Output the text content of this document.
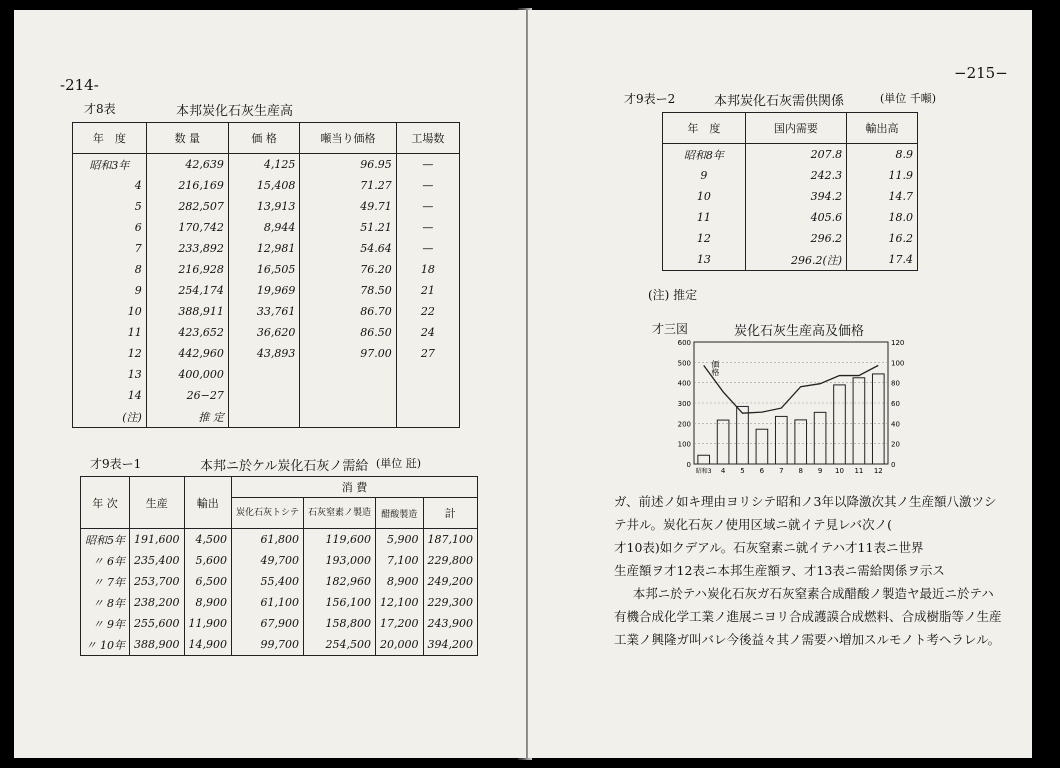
-214-
才8表	本邦炭化石灰生産高
年　度	数 量	価 格	噸当り価格	工場数
昭和3年	42,639	4,125	96.95	—
4	216,169	15,408	71.27	—
5	282,507	13,913	49.71	—
6	170,742	8,944	51.21	—
7	233,892	12,981	54.64	—
8	216,928	16,505	76.20	18
9	254,174	19,969	78.50	21
10	388,911	33,761	86.70	22
11	423,652	36,620	86.50	24
12	442,960	43,893	97.00	27
13	400,000			
14	26−27			
(注)	推 定			
才9表ー1	本邦ニ於ケル炭化石灰ノ需給 (単位 瓩)
年 次	生産	輸出	消 費			
			炭化石灰トシテ	石灰窒素ノ製造	醋酸製造	計
昭和5年	191,600	4,500	61,800	119,600	5,900	187,100
〃 6年	235,400	5,600	49,700	193,000	7,100	229,800
〃 7年	253,700	6,500	55,400	182,960	8,900	249,200
〃 8年	238,200	8,900	61,100	156,100	12,100	229,300
〃 9年	255,600	11,900	67,900	158,800	17,200	243,900
〃 10年	388,900	14,900	99,700	254,500	20,000	394,200
−215−
才9表ー2	本邦炭化石灰需供関係	(単位 千噸)
年　度	国内需要	輸出高
昭和8年	207.8	8.9
9	242.3	11.9
10	394.2	14.7
11	405.6	18.0
12	296.2	16.2
13	296.2(注)	17.4
(注) 推定
才三図	炭化石灰生産高及価格
0
100
200
300
400
500
600
0
20
40
60
80
100
120
昭和3 4 5 6 7 8 9 10 11 12
価格

ガ、前述ノ如キ理由ヨリシテ昭和ノ3年以降激次其ノ生産額八激ツシテ井ル。炭化石灰ノ使用区域ニ就イテ見レバ次ノ(

才10表)如クデアル。石灰窒素ニ就イテハ才11表ニ世界

生産額ヲ才12表ニ本邦生産額ヲ、才13表ニ需給関係ヲ示ス

本邦ニ於テハ炭化石灰ガ石灰窒素合成醋酸ノ製造ヤ最近ニ於テハ有機合成化学工業ノ進展ニヨリ合成護謨合成燃料、合成樹脂等ノ生産工業ノ興隆ガ叫バレ今後益々其ノ需要ハ増加スルモノト考ヘラレル。
